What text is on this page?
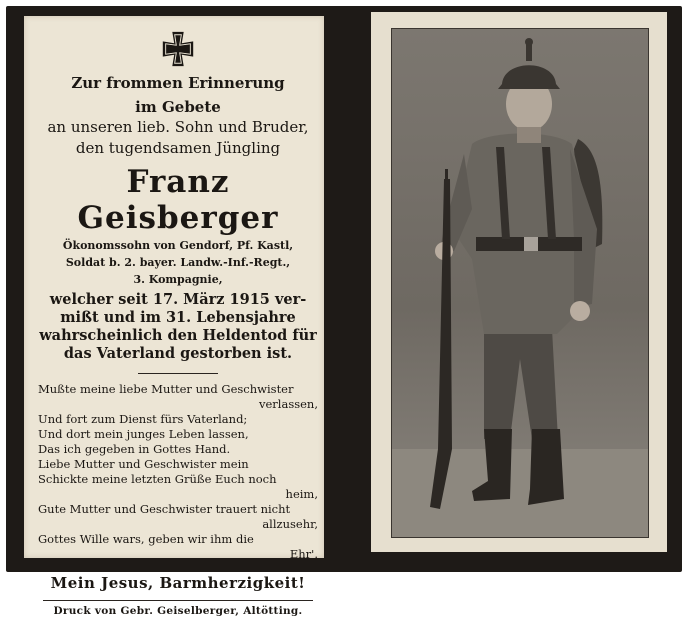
Zur frommen Erinnerung
im Gebete
an unseren lieb. Sohn und Bruder,
den tugendsamen Jüngling
Franz Geisberger
Ökonomssohn von Gendorf, Pf. Kastl,
Soldat b. 2. bayer. Landw.-Inf.-Regt.,
3. Kompagnie,
welcher seit 17. März 1915 ver-
mißt und im 31. Lebensjahre
wahrscheinlich den Heldentod für
das Vaterland gestorben ist.
Mußte meine liebe Mutter und Geschwister
verlassen,
Und fort zum Dienst fürs Vaterland;
Und dort mein junges Leben lassen,
Das ich gegeben in Gottes Hand.
Liebe Mutter und Geschwister mein
Schickte meine letzten Grüße Euch noch
heim,
Gute Mutter und Geschwister trauert nicht
allzusehr,
Gottes Wille wars, geben wir ihm die
Ehr'.
Mein Jesus, Barmherzigkeit!
Druck von Gebr. Geiselberger, Altötting.
